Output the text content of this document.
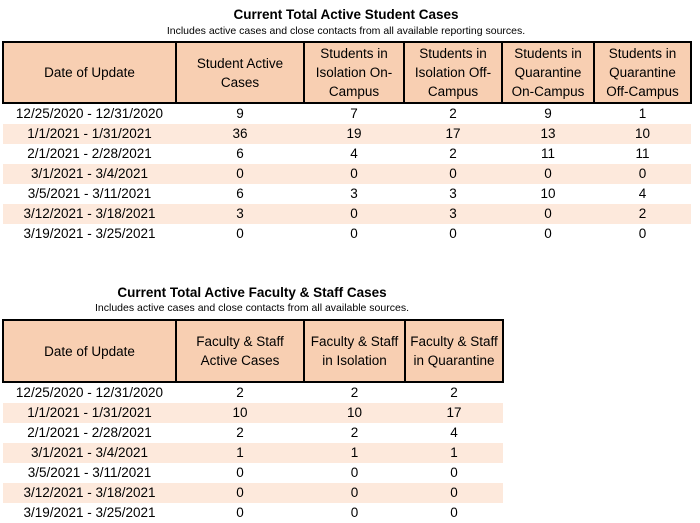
Current Total Active Student Cases
Includes active cases and close contacts from all available reporting sources.
Date of Update	Student Active Cases	Students in Isolation On-Campus	Students in Isolation Off-Campus	Students in Quarantine On-Campus	Students in Quarantine Off-Campus
12/25/2020 - 12/31/2020	9	7	2	9	1
1/1/2021 - 1/31/2021	36	19	17	13	10
2/1/2021 - 2/28/2021	6	4	2	11	11
3/1/2021 - 3/4/2021	0	0	0	0	0
3/5/2021 - 3/11/2021	6	3	3	10	4
3/12/2021 - 3/18/2021	3	0	3	0	2
3/19/2021 - 3/25/2021	0	0	0	0	0
Current Total Active Faculty & Staff Cases
Includes active cases and close contacts from all available sources.
Date of Update	Faculty & Staff Active Cases	Faculty & Staff in Isolation	Faculty & Staff in Quarantine
12/25/2020 - 12/31/2020	2	2	2
1/1/2021 - 1/31/2021	10	10	17
2/1/2021 - 2/28/2021	2	2	4
3/1/2021 - 3/4/2021	1	1	1
3/5/2021 - 3/11/2021	0	0	0
3/12/2021 - 3/18/2021	0	0	0
3/19/2021 - 3/25/2021	0	0	0
